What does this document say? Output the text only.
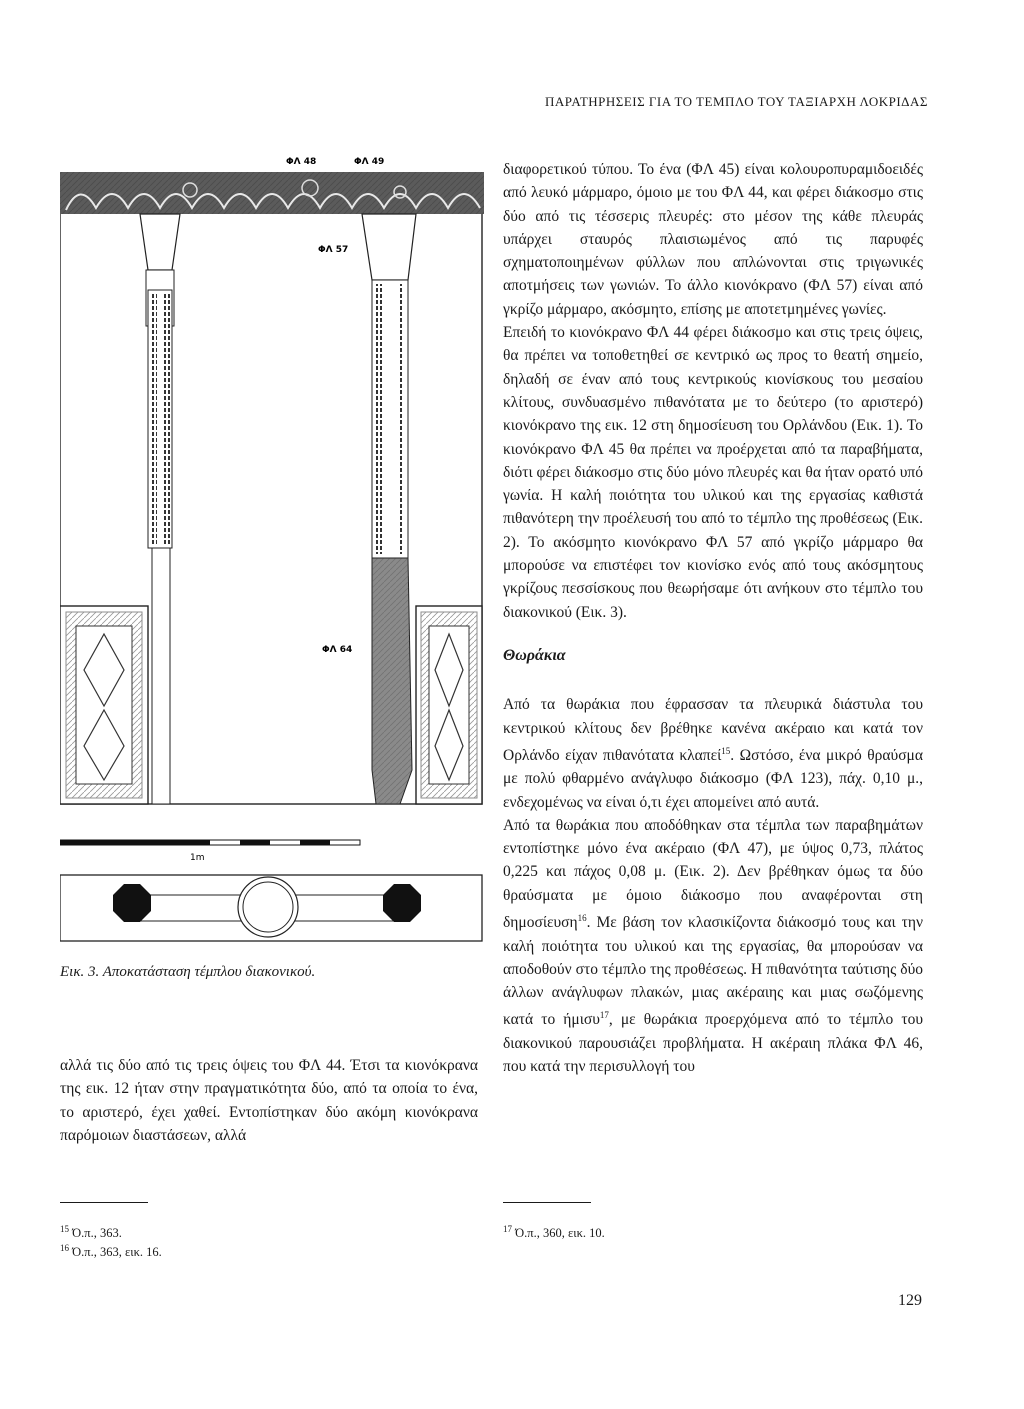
ΠΑΡΑΤΗΡΗΣΕΙΣ ΓΙΑ ΤΟ ΤΕΜΠΛΟ ΤΟΥ ΤΑΞΙΑΡΧΗ ΛΟΚΡΙΔΑΣ
ΦΛ 48	ΦΛ 49
ΦΛ 57
ΦΛ 64
1m
Εικ. 3. Αποκατάσταση τέμπλου διακονικού.

αλλά τις δύο από τις τρεις όψεις του ΦΛ 44. Έτσι τα κιονόκρανα της εικ. 12 ήταν στην πραγματικότητα δύο, από τα οποία το ένα, το αριστερό, έχει χαθεί. Εντοπίστηκαν δύο ακόμη κιονόκρανα παρόμοιων διαστάσεων, αλλά

διαφορετικού τύπου. Το ένα (ΦΛ 45) είναι κολουροπυραμιδοειδές από λευκό μάρμαρο, όμοιο με του ΦΛ 44, και φέρει διάκοσμο στις δύο από τις τέσσερις πλευρές: στο μέσον της κάθε πλευράς υπάρχει σταυρός πλαισιωμένος από τις παρυφές σχηματοποιημένων φύλλων που απλώνονται στις τριγωνικές αποτμήσεις των γωνιών. Το άλλο κιονόκρανο (ΦΛ 57) είναι από γκρίζο μάρμαρο, ακόσμητο, επίσης με αποτετμημένες γωνίες.

Επειδή το κιονόκρανο ΦΛ 44 φέρει διάκοσμο και στις τρεις όψεις, θα πρέπει να τοποθετηθεί σε κεντρικό ως προς το θεατή σημείο, δηλαδή σε έναν από τους κεντρικούς κιονίσκους του μεσαίου κλίτους, συνδυασμένο πιθανότατα με το δεύτερο (το αριστερό) κιονόκρανο της εικ. 12 στη δημοσίευση του Ορλάνδου (Εικ. 1). Το κιονόκρανο ΦΛ 45 θα πρέπει να προέρχεται από τα παραβήματα, διότι φέρει διάκοσμο στις δύο μόνο πλευρές και θα ήταν ορατό υπό γωνία. Η καλή ποιότητα του υλικού και της εργασίας καθιστά πιθανότερη την προέλευσή του από το τέμπλο της προθέσεως (Εικ. 2). Το ακόσμητο κιονόκρανο ΦΛ 57 από γκρίζο μάρμαρο θα μπορούσε να επιστέφει τον κιονίσκο ενός από τους ακόσμητους γκρίζους πεσσίσκους που θεωρήσαμε ότι ανήκουν στο τέμπλο του διακονικού (Εικ. 3).

Θωράκια

Από τα θωράκια που έφρασσαν τα πλευρικά διάστυλα του κεντρικού κλίτους δεν βρέθηκε κανένα ακέραιο και κατά τον Ορλάνδο είχαν πιθανότατα κλαπεί$^{15}$. Ωστόσο, ένα μικρό θραύσμα με πολύ φθαρμένο ανάγλυφο διάκοσμο (ΦΛ 123), πάχ. 0,10 μ., ενδεχομένως να είναι ό,τι έχει απομείνει από αυτά.

Από τα θωράκια που αποδόθηκαν στα τέμπλα των παραβημάτων εντοπίστηκε μόνο ένα ακέραιο (ΦΛ 47), με ύψος 0,73, πλάτος 0,225 και πάχος 0,08 μ. (Εικ. 2). Δεν βρέθηκαν όμως τα δύο θραύσματα με όμοιο διάκοσμο που αναφέρονται στη δημοσίευση$^{16}$. Με βάση τον κλασικίζοντα διάκοσμό τους και την καλή ποιότητα του υλικού και της εργασίας, θα μπορούσαν να αποδοθούν στο τέμπλο της προθέσεως. Η πιθανότητα ταύτισης δύο άλλων ανάγλυφων πλακών, μιας ακέραιης και μιας σωζόμενης κατά το ήμισυ$^{17}$, με θωράκια προερχόμενα από το τέμπλο του διακονικού παρουσιάζει προβλήματα. Η ακέραιη πλάκα ΦΛ 46, που κατά την περισυλλογή του

$^{15}$ Ό.π., 363.
$^{16}$ Ό.π., 363, εικ. 16.
$^{17}$ Ό.π., 360, εικ. 10.
129
